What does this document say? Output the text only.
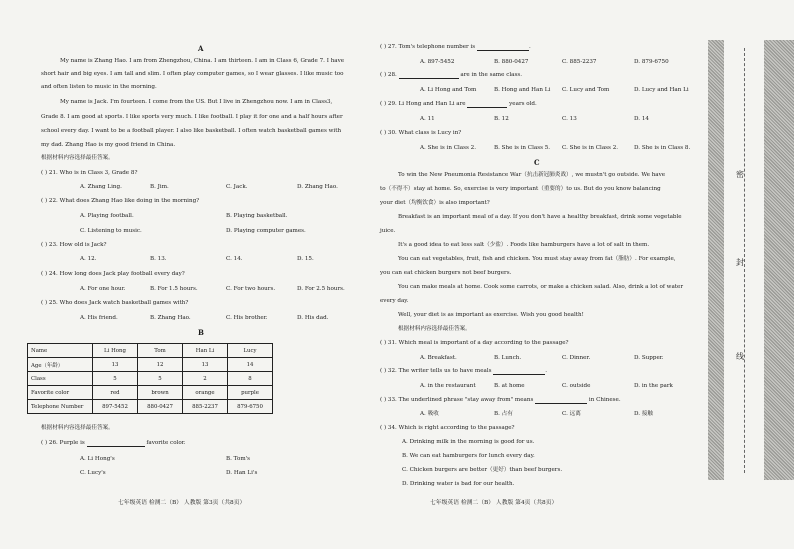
A
My name is Zhang Hao. I am from Zhengzhou, China. I am thirteen. I am in Class 6, Grade 7. I have
short hair and big eyes. I am tall and slim. I often play computer games, so I wear glasses. I like music too
and often listen to music in the morning.
My name is Jack. I'm fourteen. I come from the US. But I live in Zhengzhou now. I am in Class3,
Grade 8. I am good at sports. I like sports very much. I like football. I play it for one and a half hours after
school every day. I want to be a football player. I also like basketball. I often watch basketball games with
my dad. Zhang Hao is my good friend in China.
根据材料内容选择最佳答案。
( ) 21. Who is in Class 3, Grade 8?
A. Zhang Ling.	B. Jim.	C. Jack.	D. Zhang Hao.
( ) 22. What does Zhang Hao like doing in the morning?
A. Playing football.	B. Playing basketball.
C. Listening to music.	D. Playing computer games.
( ) 23. How old is Jack?
A. 12.	B. 13.	C. 14.	D. 15.
( ) 24. How long does Jack play football every day?
A. For one hour.	B. For 1.5 hours.	C. For two hours.	D. For 2.5 hours.
( ) 25. Who does Jack watch basketball games with?
A. His friend.	B. Zhang Hao.	C. His brother.	D. His dad.
B
Name	Li Hong	Tom	Han Li	Lucy
Age（年龄）	13	12	13	14
Class	5	5	2	8
Favorite color	red	brown	orange	purple
Telephone Number	897-5452	880-0427	885-2237	879-6750
根据材料内容选择最佳答案。
( ) 26. Purple is	favorite color.
A. Li Hong's	B. Tom's
C. Lucy's	D. Han Li's
七年级英语 检测二（B） 人教版 第3页（共8页）
( ) 27. Tom's telephone number is	.
A. 897-5452	B. 880-0427	C. 885-2237	D. 879-6750
( ) 28.	are in the same class.
A. Li Hong and Tom	B. Hong and Han Li C. Lucy and Tom	D. Lucy and Han Li
( ) 29. Li Hong and Han Li are	years old.
A. 11	B. 12	C. 13	D. 14
( ) 30. What class is Lucy in?
A. She is in Class 2.	B. She is in Class 5. C. She is in Class 2.	D. She is in Class 8.
C
To win the New Pneumonia Resistance War（抗击新冠肺炎战）, we mustn't go outside. We have
to（不得不）stay at home. So, exercise is very important（重要的）to us. But do you know balancing
your diet（均衡饮食）is also important?
Breakfast is an important meal of a day. If you don't have a healthy breakfast, drink some vegetable
juice.
It's a good idea to eat less salt（少盐）. Foods like hamburgers have a lot of salt in them.
You can eat vegetables, fruit, fish and chicken. You must stay away from fat（脂肪）. For example,
you can eat chicken burgers not beef burgers.
You can make meals at home. Cook some carrots, or make a chicken salad. Also, drink a lot of water
every day.
Well, your diet is as important as exercise. Wish you good health!
根据材料内容选择最佳答案。
( ) 31. Which meal is important of a day according to the passage?
A. Breakfast.	B. Lunch.	C. Dinner.	D. Supper.
( ) 32. The writer tells us to have meals	.
A. in the restaurant	B. at home	C. outside	D. in the park
( ) 33. The underlined phrase "stay away from" means	in Chinese.
A. 吸收	B. 占有	C. 远离	D. 接触
( ) 34. Which is right according to the passage?
A. Drinking milk in the morning is good for us.
B. We can eat hamburgers for lunch every day.
C. Chicken burgers are better（更好）than beef burgers.
D. Drinking water is bad for our health.
七年级英语 检测二（B） 人教版 第4页（共8页）
密
封
线
